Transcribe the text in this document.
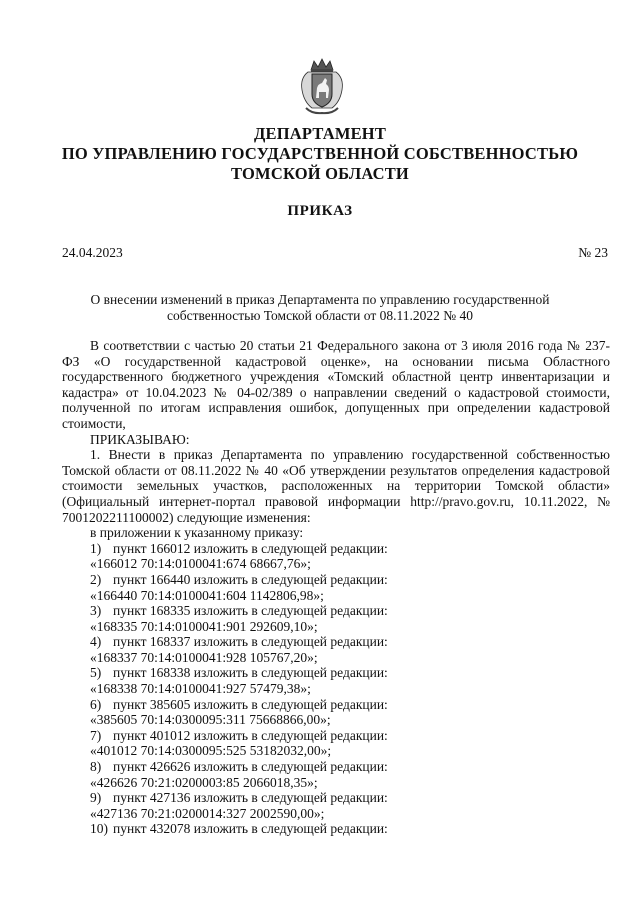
ДЕПАРТАМЕНТ
ПО УПРАВЛЕНИЮ ГОСУДАРСТВЕННОЙ СОБСТВЕННОСТЬЮ
ТОМСКОЙ ОБЛАСТИ
ПРИКАЗ
24.04.2023	№ 23
О внесении изменений в приказ Департамента по управлению государственной
собственностью Томской области от 08.11.2022 № 40

В соответствии с частью 20 статьи 21 Федерального закона от 3 июля 2016 года № 237-ФЗ «О государственной кадастровой оценке», на основании письма Областного государственного бюджетного учреждения «Томский областной центр инвентаризации и кадастра» от 10.04.2023 № 04-02/389 о направлении сведений о кадастровой стоимости, полученной по итогам исправления ошибок, допущенных при определении кадастровой стоимости,

ПРИКАЗЫВАЮ:

1. Внести в приказ Департамента по управлению государственной собственностью Томской области от 08.11.2022 № 40 «Об утверждении результатов определения кадастровой стоимости земельных участков, расположенных на территории Томской области» (Официальный интернет-портал правовой информации http://pravo.gov.ru, 10.11.2022, № 7001202211100002) следующие изменения:

в приложении к указанному приказу:
1) пункт 166012 изложить в следующей редакции:
«166012 70:14:0100041:674 68667,76»;
2) пункт 166440 изложить в следующей редакции:
«166440 70:14:0100041:604 1142806,98»;
3) пункт 168335 изложить в следующей редакции:
«168335 70:14:0100041:901 292609,10»;
4) пункт 168337 изложить в следующей редакции:
«168337 70:14:0100041:928 105767,20»;
5) пункт 168338 изложить в следующей редакции:
«168338 70:14:0100041:927 57479,38»;
6) пункт 385605 изложить в следующей редакции:
«385605 70:14:0300095:311 75668866,00»;
7) пункт 401012 изложить в следующей редакции:
«401012 70:14:0300095:525 53182032,00»;
8) пункт 426626 изложить в следующей редакции:
«426626 70:21:0200003:85 2066018,35»;
9) пункт 427136 изложить в следующей редакции:
«427136 70:21:0200014:327 2002590,00»;
10) пункт 432078 изложить в следующей редакции:
